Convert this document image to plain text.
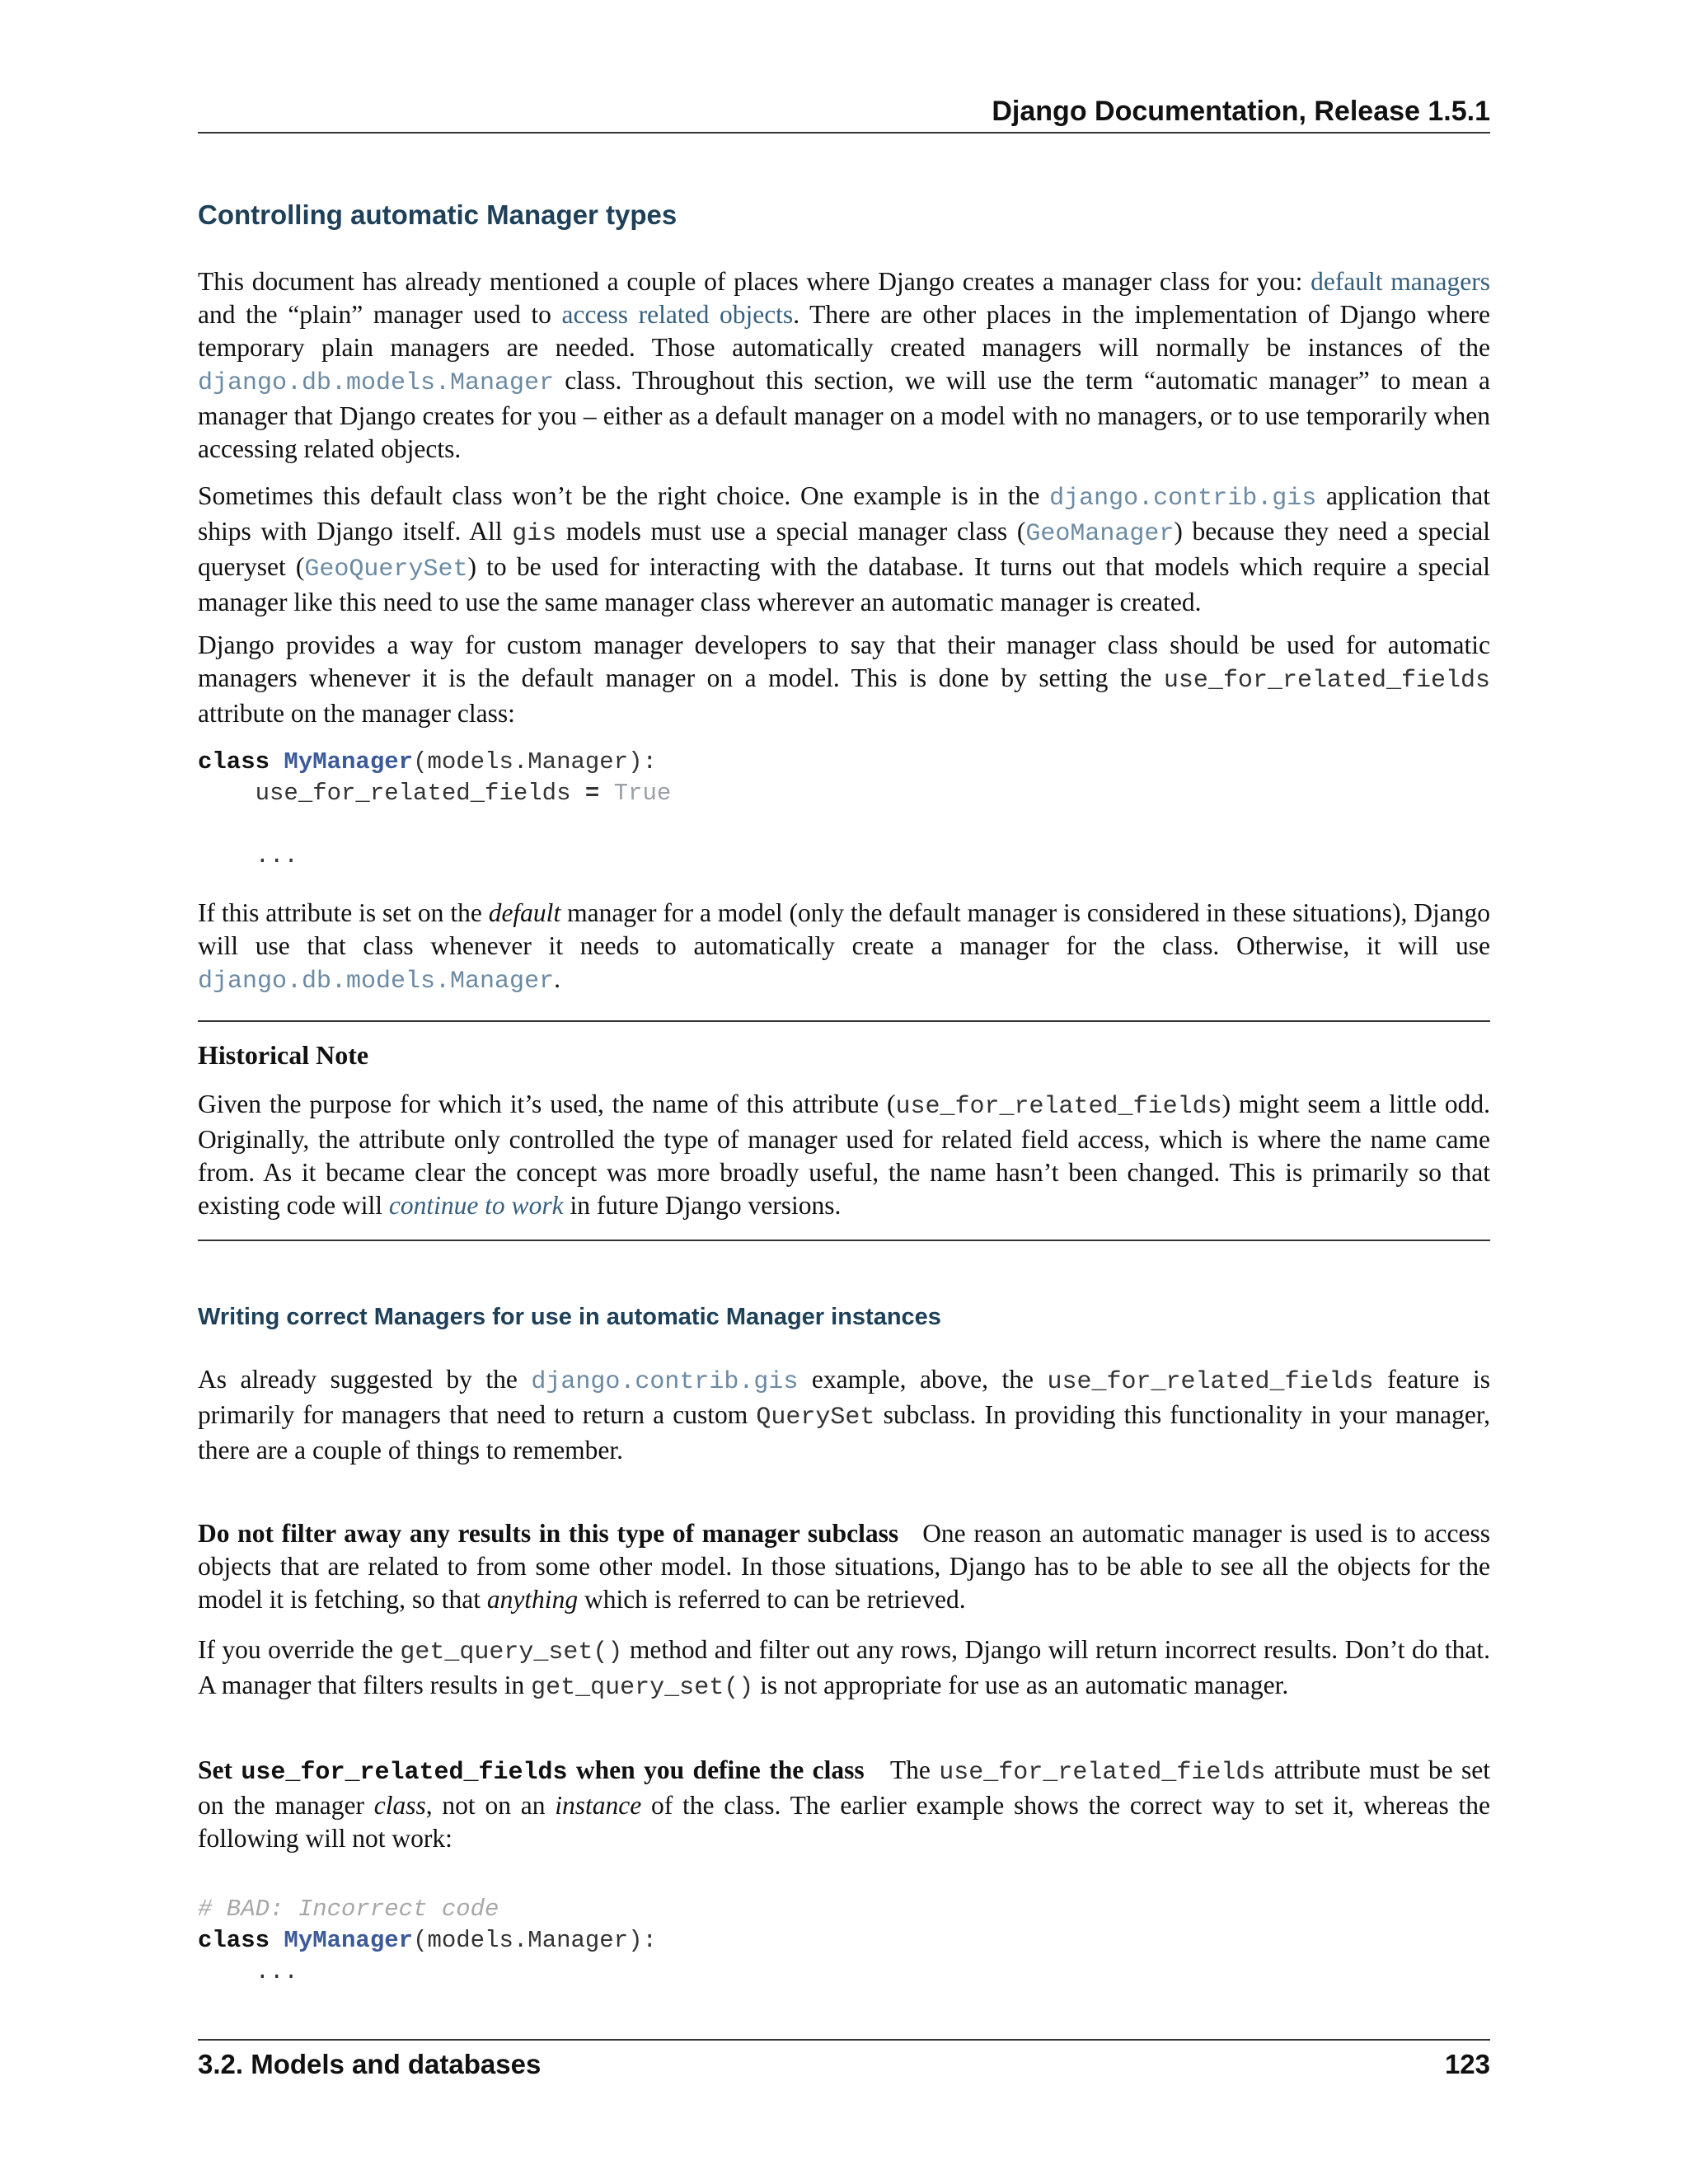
Django Documentation, Release 1.5.1
Controlling automatic Manager types

This document has already mentioned a couple of places where Django creates a manager class for you: default managers and the “plain” manager used to access related objects. There are other places in the implementation of Django where temporary plain managers are needed. Those automatically created managers will normally be instances of the django.db.models.Manager class. Throughout this section, we will use the term “automatic manager” to mean a manager that Django creates for you – either as a default manager on a model with no managers, or to use temporarily when accessing related objects.

Sometimes this default class won’t be the right choice. One example is in the django.contrib.gis application that ships with Django itself. All gis models must use a special manager class (GeoManager) because they need a special queryset (GeoQuerySet) to be used for interacting with the database. It turns out that models which require a special manager like this need to use the same manager class wherever an automatic manager is created.

Django provides a way for custom manager developers to say that their manager class should be used for automatic managers whenever it is the default manager on a model. This is done by setting the use_for_related_fields attribute on the manager class:

class MyManager(models.Manager):
use_for_related_fields = True

...

If this attribute is set on the default manager for a model (only the default manager is considered in these situations), Django will use that class whenever it needs to automatically create a manager for the class. Otherwise, it will use django.db.models.Manager.

Historical Note

Given the purpose for which it’s used, the name of this attribute (use_for_related_fields) might seem a little odd. Originally, the attribute only controlled the type of manager used for related field access, which is where the name came from. As it became clear the concept was more broadly useful, the name hasn’t been changed. This is primarily so that existing code will continue to work in future Django versions.

Writing correct Managers for use in automatic Manager instances

As already suggested by the django.contrib.gis example, above, the use_for_related_fields feature is primarily for managers that need to return a custom QuerySet subclass. In providing this functionality in your manager, there are a couple of things to remember.

Do not filter away any results in this type of manager subclass One reason an automatic manager is used is to access objects that are related to from some other model. In those situations, Django has to be able to see all the objects for the model it is fetching, so that anything which is referred to can be retrieved.

If you override the get_query_set() method and filter out any rows, Django will return incorrect results. Don’t do that. A manager that filters results in get_query_set() is not appropriate for use as an automatic manager.

Set use_for_related_fields when you define the class The use_for_related_fields attribute must be set on the manager class, not on an instance of the class. The earlier example shows the correct way to set it, whereas the following will not work:

# BAD: Incorrect code
class MyManager(models.Manager):
...
3.2. Models and databases	123
